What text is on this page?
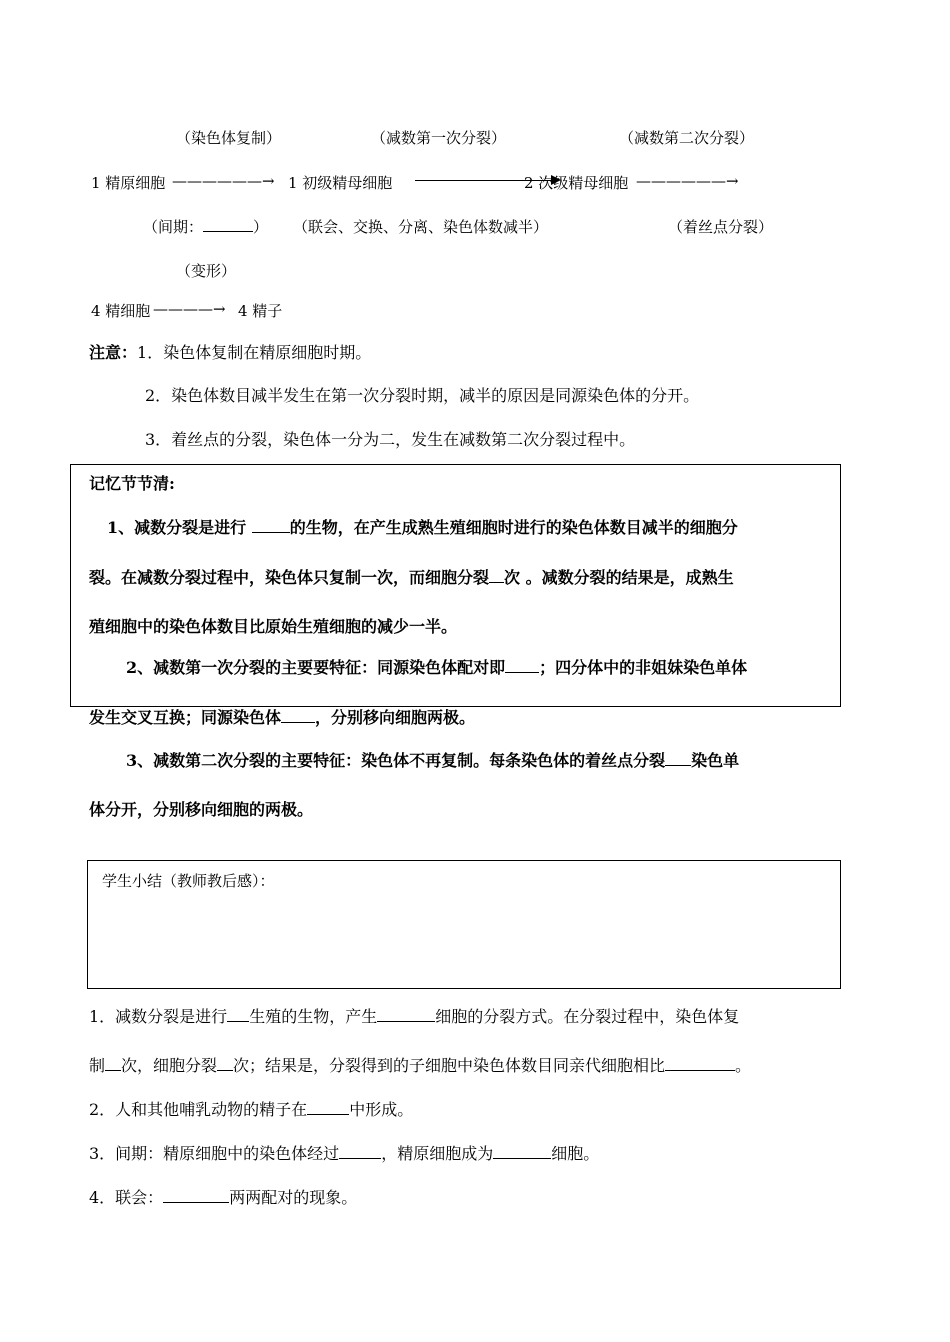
（染色体复制）	（减数第一次分裂）	（减数第二次分裂）
1 精原细胞 ——————→ 1 初级精母细胞	2 次级精母细胞 ——————→
（间期：	） （联会、交换、分离、染色体数减半）	（着丝点分裂）
（变形）
4 精细胞 ————→ 4 精子
注意：1．染色体复制在精原细胞时期。
2．染色体数目减半发生在第一次分裂时期，减半的原因是同源染色体的分开。
3．着丝点的分裂，染色体一分为二，发生在减数第二次分裂过程中。
记忆节节清:
1、减数分裂是进行 的生物，在产生成熟生殖细胞时进行的染色体数目减半的细胞分
裂。在减数分裂过程中，染色体只复制一次，而细胞分裂 次 。减数分裂的结果是，成熟生
殖细胞中的染色体数目比原始生殖细胞的减少一半。
2、减数第一次分裂的主要要特征：同源染色体配对即 ；四分体中的非姐妹染色单体
发生交叉互换；同源染色体 ，分别移向细胞两极。
3、减数第二次分裂的主要特征：染色体不再复制。每条染色体的着丝点分裂 染色单
体分开，分别移向细胞的两极。
学生小结（教师教后感）：
1．减数分裂是进行 生殖的生物，产生	细胞的分裂方式。在分裂过程中，染色体复
制 次，细胞分裂 次；结果是，分裂得到的子细胞中染色体数目同亲代细胞相比	。
2．人和其他哺乳动物的精子在	中形成。
3．间期：精原细胞中的染色体经过	，精原细胞成为	细胞。
4．联会：	两两配对的现象。
